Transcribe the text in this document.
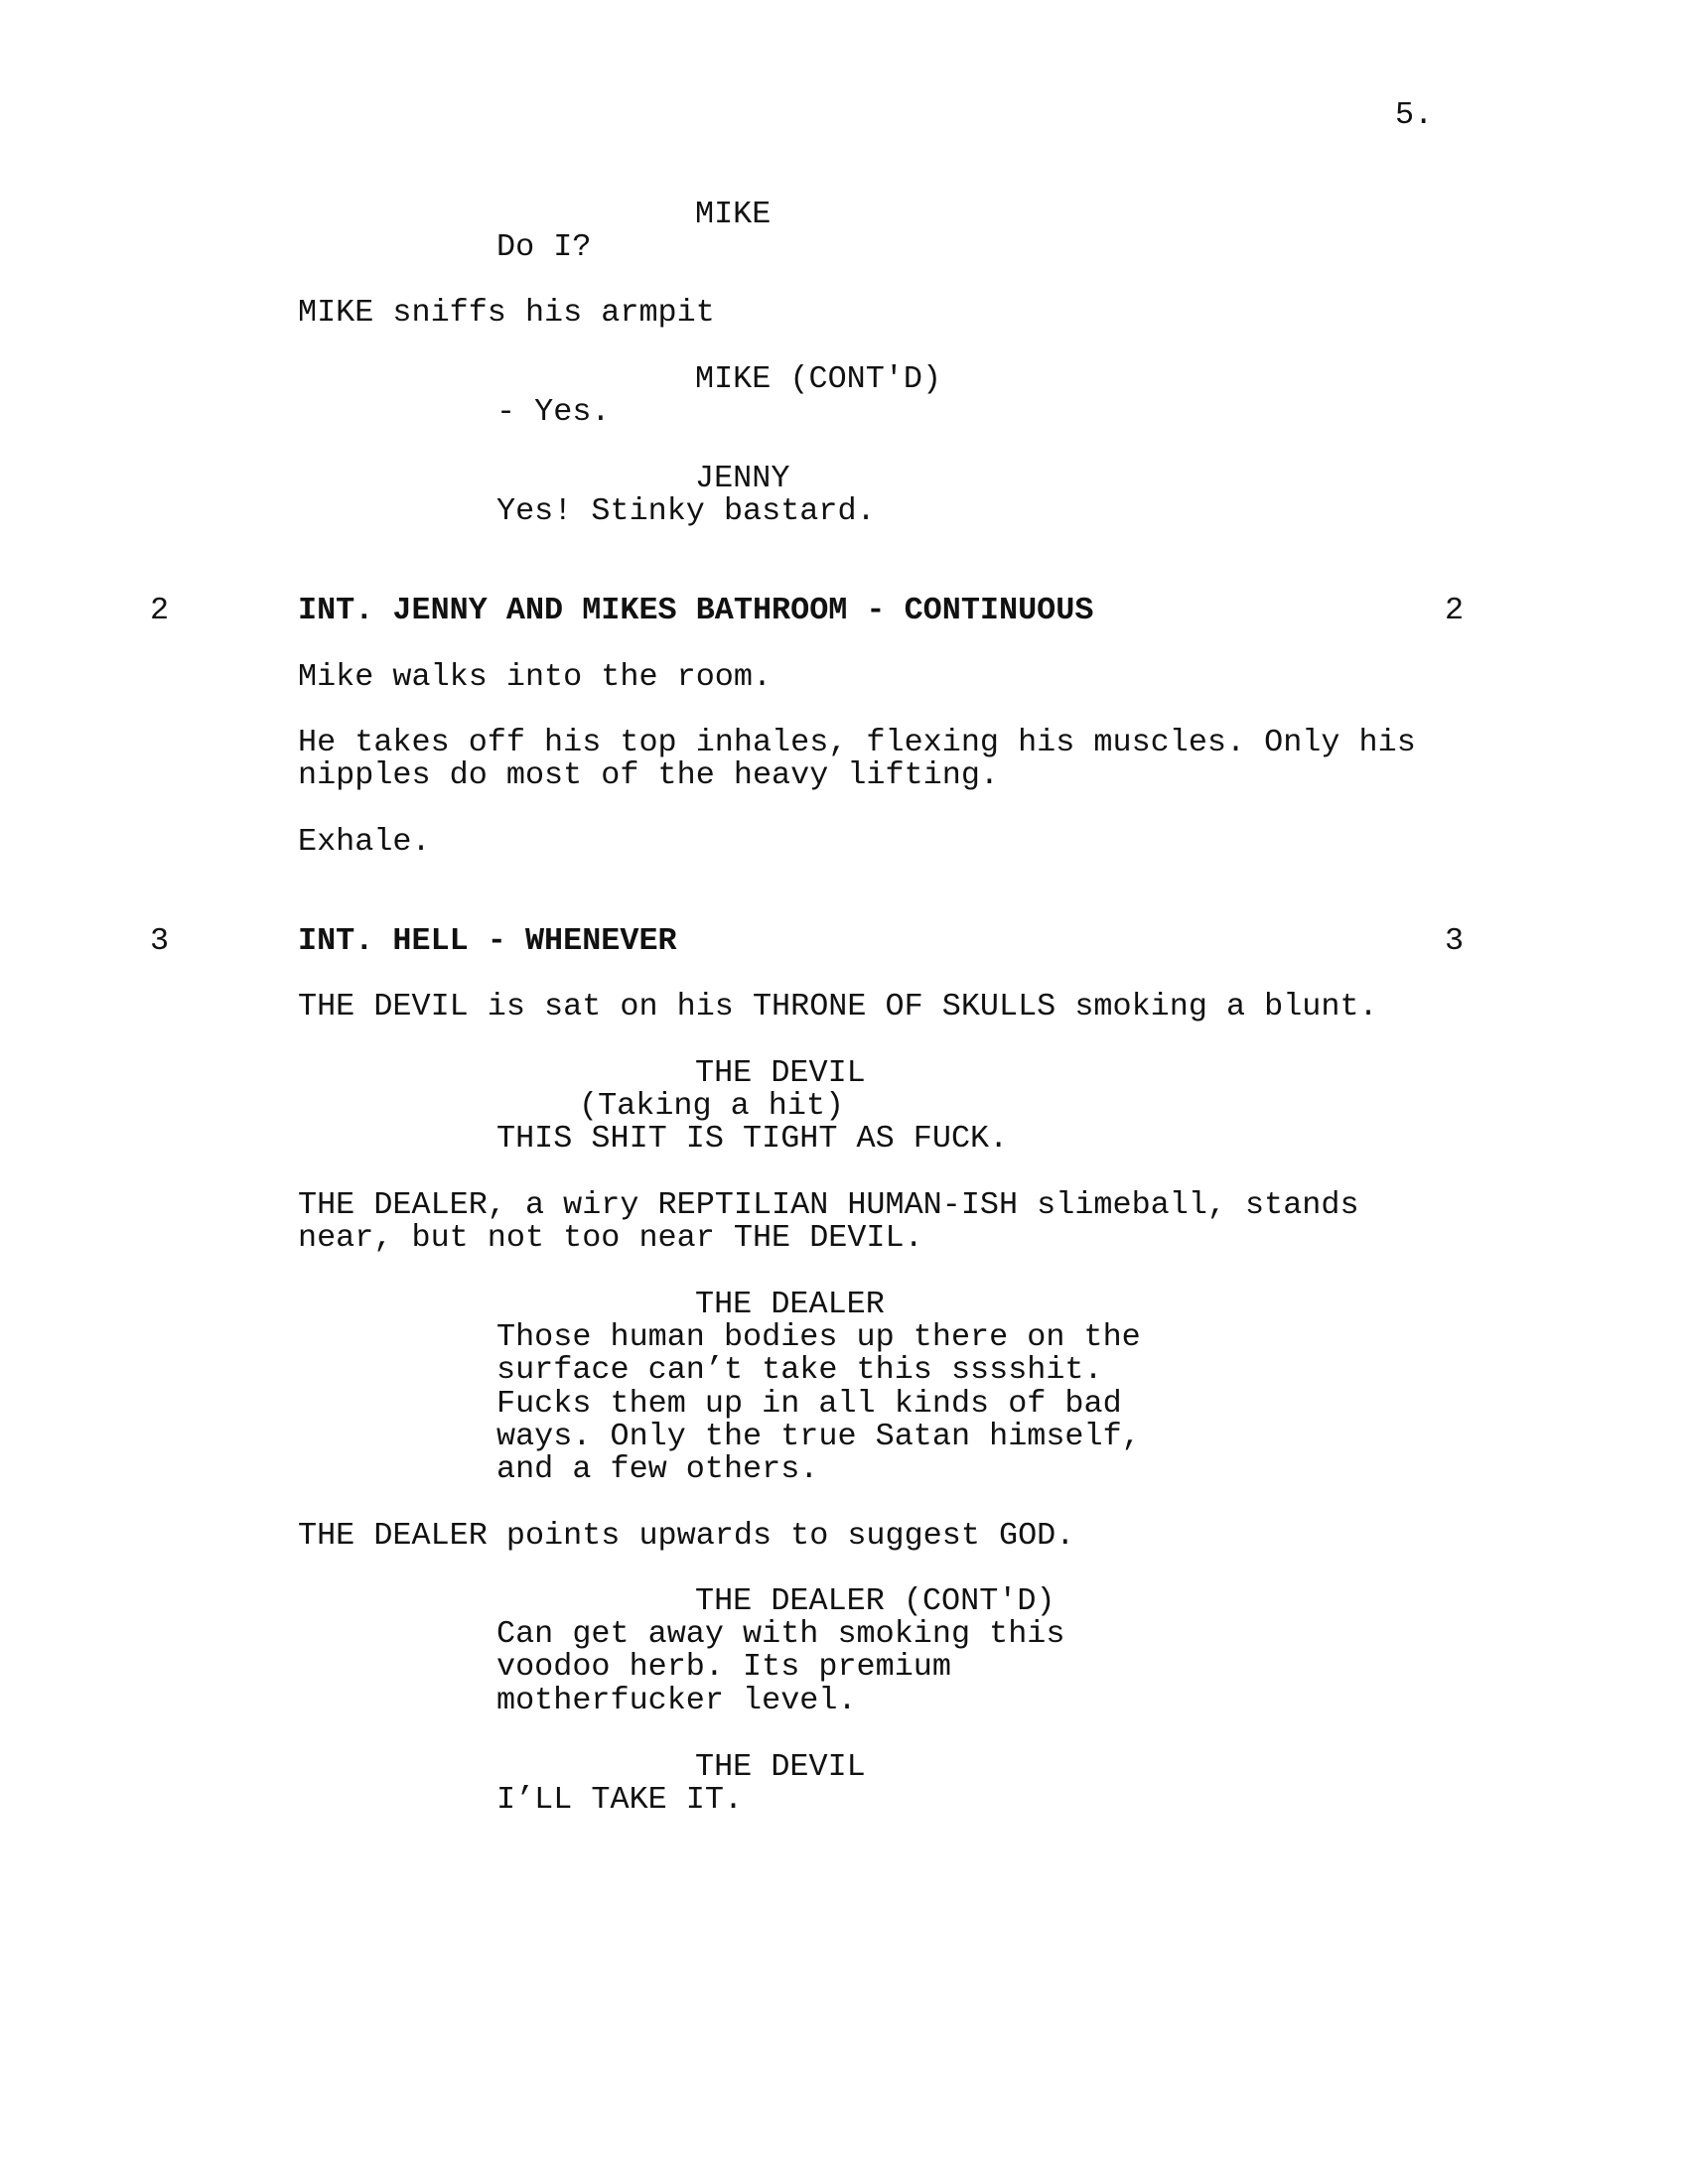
5.
MIKE
Do I?
MIKE sniffs his armpit
MIKE (CONT'D)
- Yes.
JENNY
Yes! Stinky bastard.
2	INT. JENNY AND MIKES BATHROOM - CONTINUOUS	2
Mike walks into the room.
He takes off his top inhales, flexing his muscles. Only his nipples do most of the heavy lifting.
Exhale.
3	INT. HELL - WHENEVER	3
THE DEVIL is sat on his THRONE OF SKULLS smoking a blunt.
THE DEVIL
(Taking a hit)
THIS SHIT IS TIGHT AS FUCK.
THE DEALER, a wiry REPTILIAN HUMAN-ISH slimeball, stands near, but not too near THE DEVIL.
THE DEALER
Those human bodies up there on the surface can’t take this sssshit. Fucks them up in all kinds of bad ways. Only the true Satan himself, and a few others.
THE DEALER points upwards to suggest GOD.
THE DEALER (CONT'D)
Can get away with smoking this voodoo herb. Its premium motherfucker level.
THE DEVIL
I’LL TAKE IT.
